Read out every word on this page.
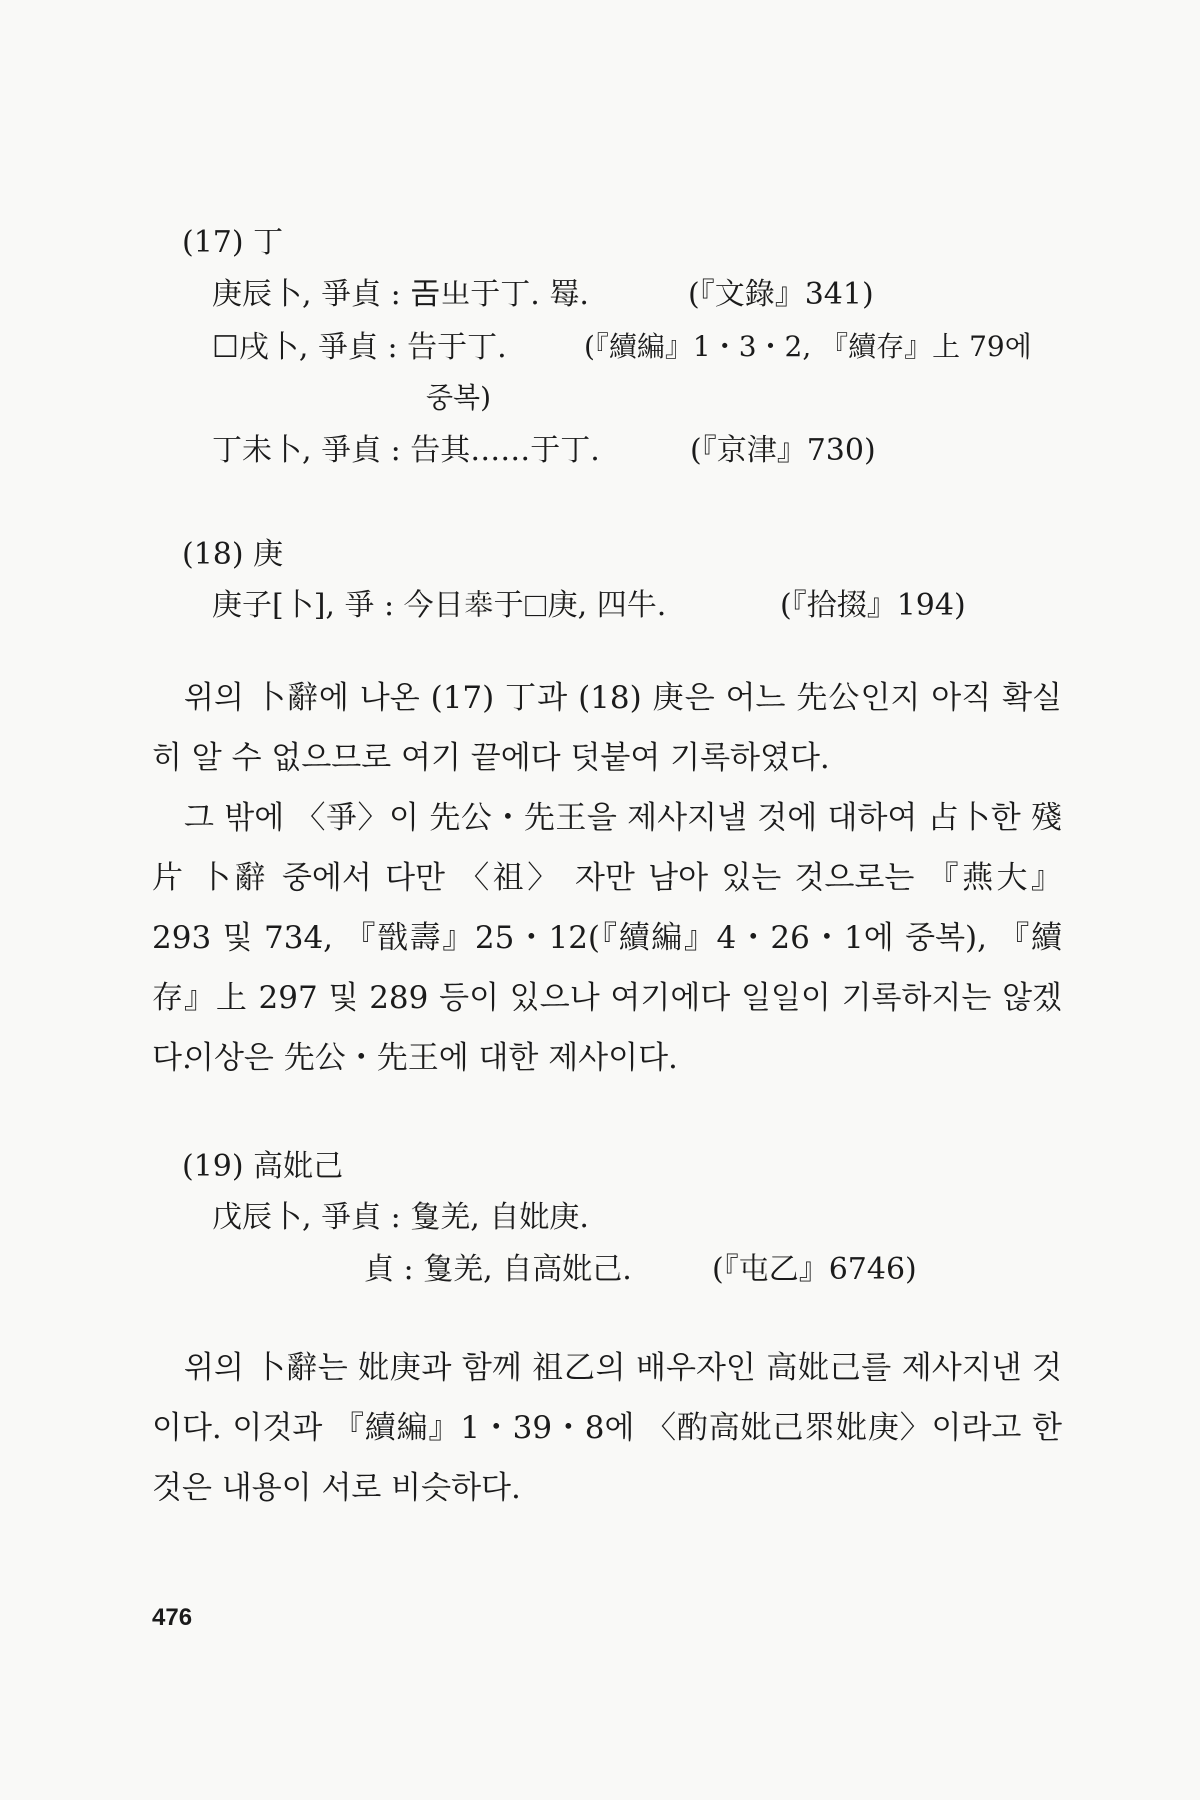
(17) 丁
庚辰卜, 爭貞 : 𢀛㞢于丁. 䍙.	(『文錄』341)
☐戌卜, 爭貞 : 告于丁.	(『續編』1・3・2, 『續存』上 79에
중복)
丁未卜, 爭貞 : 告其……于丁.	(『京津』730)
(18) 庚
庚子[卜], 爭 : 今日𠦪于☐庚, 四牛.	(『拾掇』194)

위의 卜辭에 나온 (17) 丁과 (18) 庚은 어느 先公인지 아직 확실히 알 수 없으므로 여기 끝에다 덧붙여 기록하였다.

그 밖에 〈爭〉이 先公・先王을 제사지낼 것에 대하여 占卜한 殘片 卜辭 중에서 다만 〈祖〉 자만 남아 있는 것으로는 『燕大』 293 및 734, 『戩壽』25・12(『續編』4・26・1에 중복), 『續存』上 297 및 289 등이 있으나 여기에다 일일이 기록하지는 않겠다.

이상은 先公・先王에 대한 제사이다.

(19) 高妣己
戊辰卜, 爭貞 : 𢿌羌, 自妣庚.
貞 : 𢿌羌, 自高妣己.	(『屯乙』6746)

위의 卜辭는 妣庚과 함께 祖乙의 배우자인 高妣己를 제사지낸 것이다. 이것과 『續編』1・39・8에 〈酌高妣己眔妣庚〉이라고 한 것은 내용이 서로 비슷하다.

476
